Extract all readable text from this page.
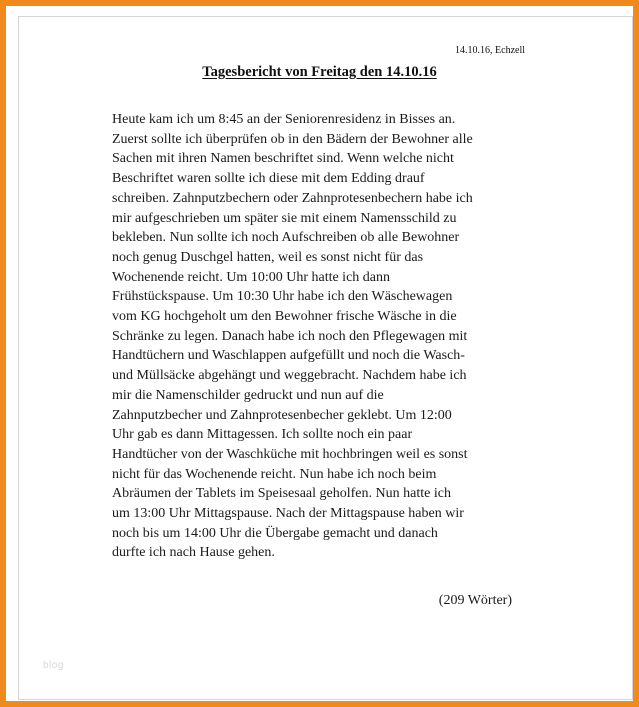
14.10.16, Echzell
Tagesbericht von Freitag den 14.10.16
Heute kam ich um 8:45 an der Seniorenresidenz in Bisses an.
Zuerst sollte ich überprüfen ob in den Bädern der Bewohner alle
Sachen mit ihren Namen beschriftet sind. Wenn welche nicht
Beschriftet waren sollte ich diese mit dem Edding drauf
schreiben. Zahnputzbechern oder Zahnprotesenbechern habe ich
mir aufgeschrieben um später sie mit einem Namensschild zu
bekleben. Nun sollte ich noch Aufschreiben ob alle Bewohner
noch genug Duschgel hatten, weil es sonst nicht für das
Wochenende reicht. Um 10:00 Uhr hatte ich dann
Frühstückspause. Um 10:30 Uhr habe ich den Wäschewagen
vom KG hochgeholt um den Bewohner frische Wäsche in die
Schränke zu legen. Danach habe ich noch den Pflegewagen mit
Handtüchern und Waschlappen aufgefüllt und noch die Wasch-
und Müllsäcke abgehängt und weggebracht. Nachdem habe ich
mir die Namenschilder gedruckt und nun auf die
Zahnputzbecher und Zahnprotesenbecher geklebt. Um 12:00
Uhr gab es dann Mittagessen. Ich sollte noch ein paar
Handtücher von der Waschküche mit hochbringen weil es sonst
nicht für das Wochenende reicht. Nun habe ich noch beim
Abräumen der Tablets im Speisesaal geholfen. Nun hatte ich
um 13:00 Uhr Mittagspause. Nach der Mittagspause haben wir
noch bis um 14:00 Uhr die Übergabe gemacht und danach
durfte ich nach Hause gehen.
(209 Wörter)
blog
